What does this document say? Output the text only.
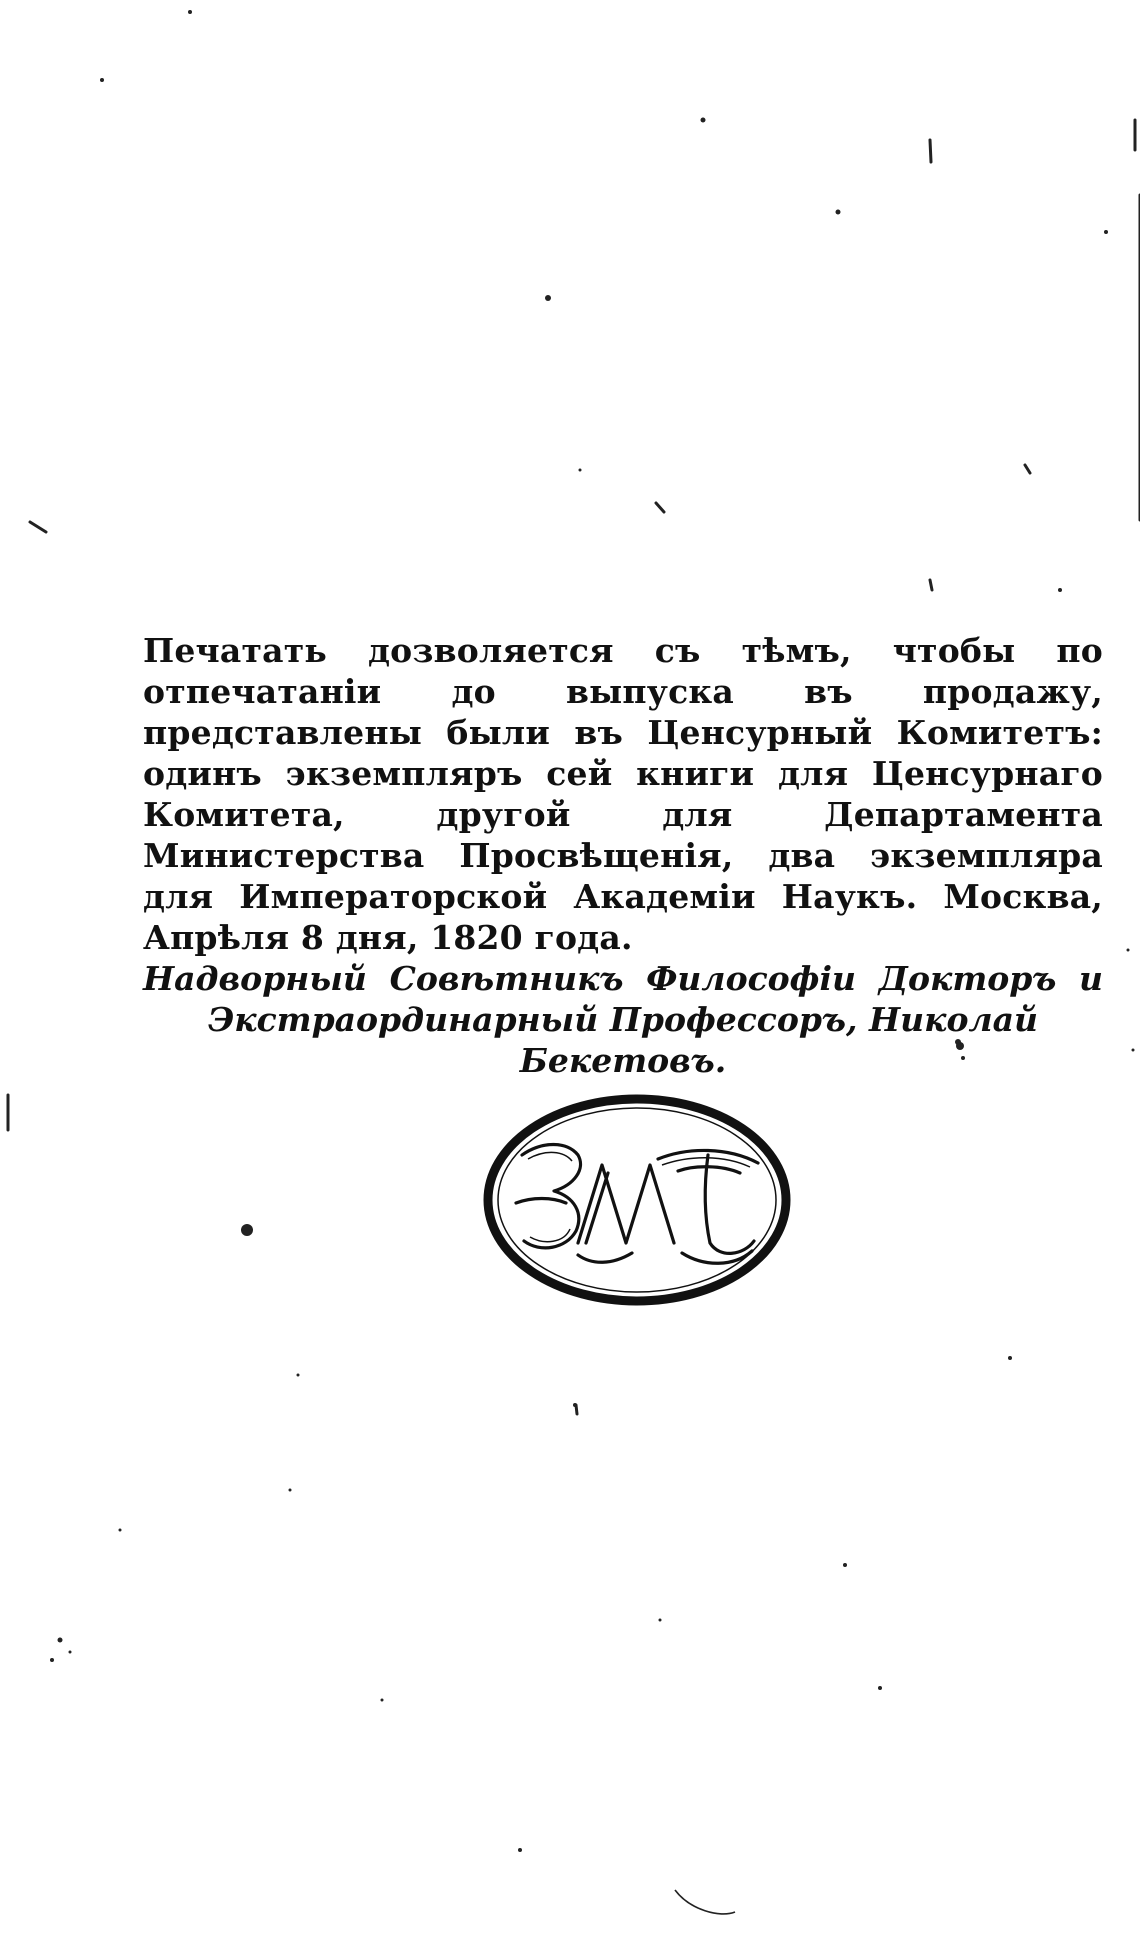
Печатать дозволяется съ тѣмъ, чтобы по отпечатаніи до выпуска въ продажу, представлены были въ Ценсурный Комитетъ: одинъ экземпляръ сей книги для Ценсурнаго Комитета, другой для Департамента Министерства Просвѣщенія, два экземпляра для Императорской Академіи Наукъ. Москва, Апрѣля 8 дня, 1820 года.

Надворный Совѣтникъ Философіи Докторъ и Экстраординарный Профессоръ, Николай
Бекетовъ.
